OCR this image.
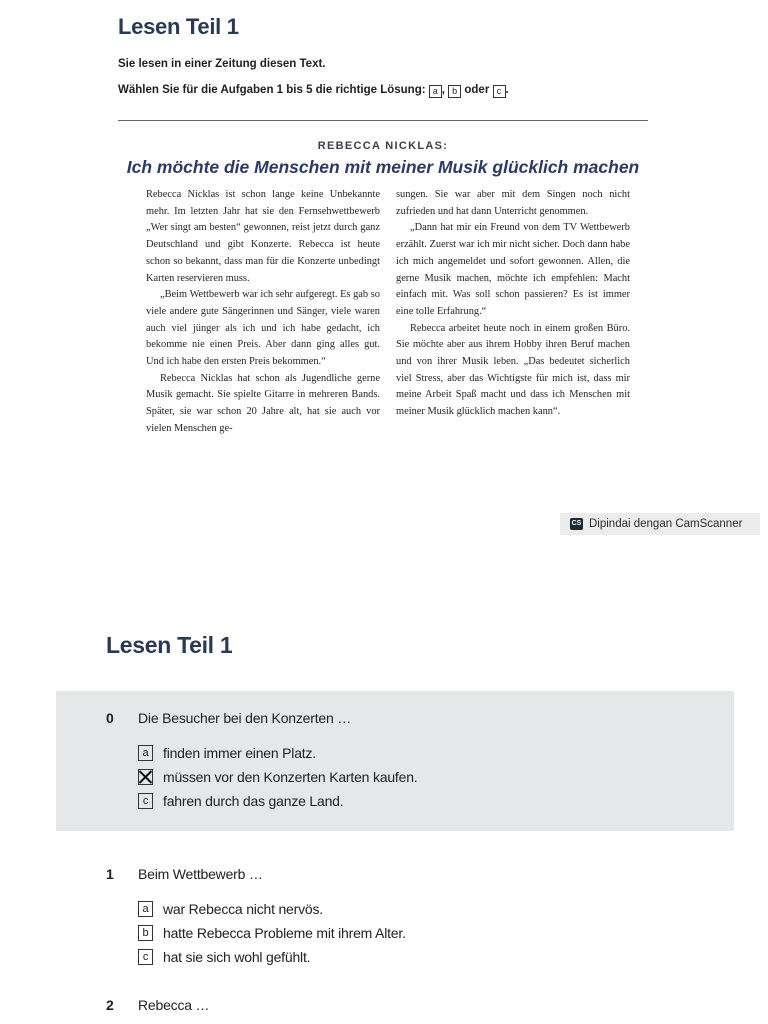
Lesen Teil 1
Sie lesen in einer Zeitung diesen Text.
Wählen Sie für die Aufgaben 1 bis 5 die richtige Lösung: a , b oder c .
REBECCA NICKLAS:
Ich möchte die Menschen mit meiner Musik glücklich machen

Rebecca Nicklas ist schon lange keine Unbekannte mehr. Im letzten Jahr hat sie den Fernsehwettbewerb „Wer singt am besten“ gewonnen, reist jetzt durch ganz Deutschland und gibt Konzerte. Rebecca ist heute schon so bekannt, dass man für die Konzerte unbedingt Karten reservieren muss.

„Beim Wettbewerb war ich sehr aufgeregt. Es gab so viele andere gute Sängerinnen und Sänger, viele waren auch viel jünger als ich und ich habe gedacht, ich bekomme nie einen Preis. Aber dann ging alles gut. Und ich habe den ersten Preis bekommen.“

Rebecca Nicklas hat schon als Jugendliche gerne Musik gemacht. Sie spielte Gitarre in mehreren Bands. Später, sie war schon 20 Jahre alt, hat sie auch vor vielen Menschen ge-

sungen. Sie war aber mit dem Singen noch nicht zufrieden und hat dann Unterricht genommen.

„Dann hat mir ein Freund von dem TV Wettbewerb erzählt. Zuerst war ich mir nicht sicher. Doch dann habe ich mich angemeldet und sofort gewonnen. Allen, die gerne Musik machen, möchte ich empfehlen: Macht einfach mit. Was soll schon passieren? Es ist immer eine tolle Erfahrung.“

Rebecca arbeitet heute noch in einem großen Büro. Sie möchte aber aus ihrem Hobby ihren Beruf machen und von ihrer Musik leben. „Das bedeutet sicherlich viel Stress, aber das Wichtigste für mich ist, dass mir meine Arbeit Spaß macht und dass ich Menschen mit meiner Musik glücklich machen kann“.

CS Dipindai dengan CamScanner
Lesen Teil 1
0 Die Besucher bei den Konzerten …
a	finden immer einen Platz.
müssen vor den Konzerten Karten kaufen.
c	fahren durch das ganze Land.
1 Beim Wettbewerb …
a	war Rebecca nicht nervös.
b	hatte Rebecca Probleme mit ihrem Alter.
c	hat sie sich wohl gefühlt.
2 Rebecca …
